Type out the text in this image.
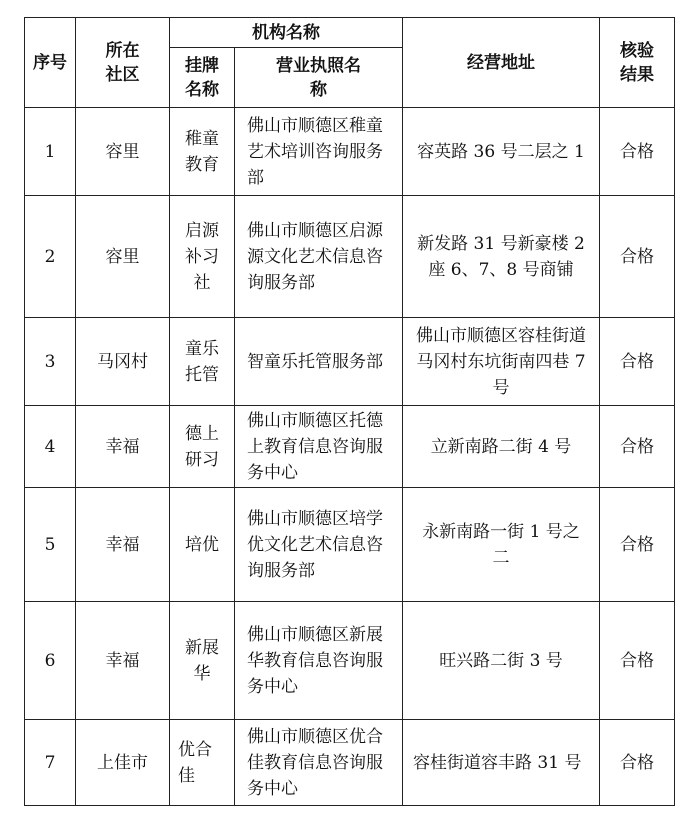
序号	所在社区	机构名称		经营地址	核验结果
		挂牌名称	营业执照名称		
1	容里	稚童教育	佛山市顺德区稚童艺术培训咨询服务部	容英路 36 号二层之 1	合格
2	容里	启源补习社	佛山市顺德区启源源文化艺术信息咨询服务部	新发路 31 号新豪楼 2 座 6、7、8 号商铺	合格
3	马冈村	童乐托管	智童乐托管服务部	佛山市顺德区容桂街道马冈村东坑街南四巷 7 号	合格
4	幸福	德上研习	佛山市顺德区托德上教育信息咨询服务中心	立新南路二街 4 号	合格
5	幸福	培优	佛山市顺德区培学优文化艺术信息咨询服务部	永新南路一街 1 号之二	合格
6	幸福	新展华	佛山市顺德区新展华教育信息咨询服务中心	旺兴路二街 3 号	合格
7	上佳市	优合佳	佛山市顺德区优合佳教育信息咨询服务中心	容桂街道容丰路 31 号	合格
